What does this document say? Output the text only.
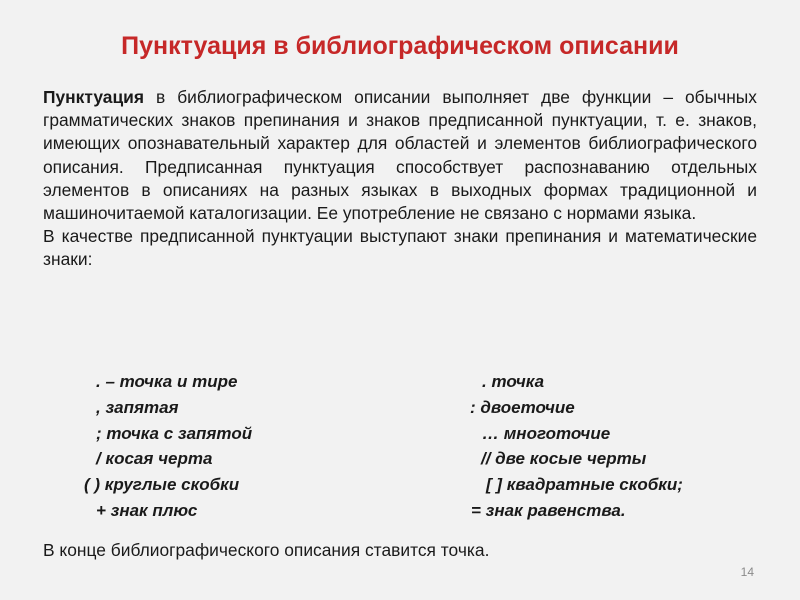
Пунктуация в библиографическом описании

Пунктуация в библиографическом описании выполняет две функции – обычных грамматических знаков препинания и знаков предписанной пунктуации, т. е. знаков, имеющих опознавательный характер для областей и элементов библиографического описания. Предписанная пунктуация способствует распознаванию отдельных элементов в описаниях на разных языках в выходных формах традиционной и машиночитаемой каталогизации. Ее употребление не связано с нормами языка.

В качестве предписанной пунктуации выступают знаки препинания и математические знаки:

. – точка и тире	. точка
, запятая	: двоеточие
; точка с запятой	… многоточие
/ косая черта	// две косые черты
( ) круглые скобки	[ ] квадратные скобки;
+ знак плюс	= знак равенства.
В конце библиографического описания ставится точка.
14
